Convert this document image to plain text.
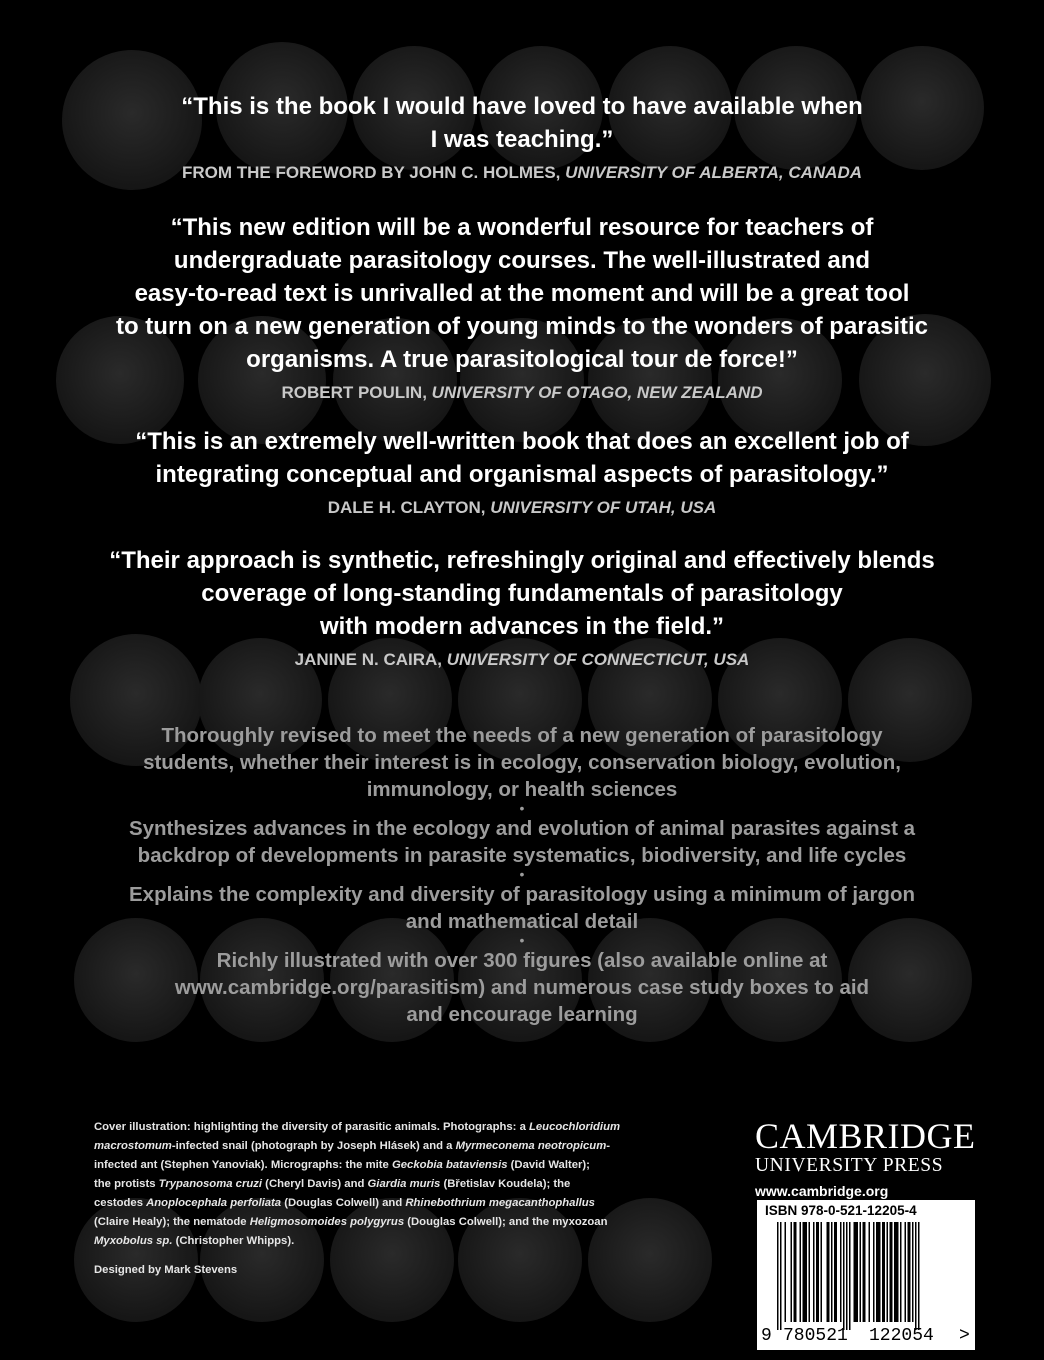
“This is the book I would have loved to have available when
I was teaching.”
FROM THE FOREWORD BY JOHN C. HOLMES, UNIVERSITY OF ALBERTA, CANADA
“This new edition will be a wonderful resource for teachers of
undergraduate parasitology courses. The well-illustrated and
easy-to-read text is unrivalled at the moment and will be a great tool
to turn on a new generation of young minds to the wonders of parasitic
organisms. A true parasitological tour de force!”
ROBERT POULIN, UNIVERSITY OF OTAGO, NEW ZEALAND
“This is an extremely well-written book that does an excellent job of
integrating conceptual and organismal aspects of parasitology.”
DALE H. CLAYTON, UNIVERSITY OF UTAH, USA
“Their approach is synthetic, refreshingly original and effectively blends
coverage of long-standing fundamentals of parasitology
with modern advances in the field.”
JANINE N. CAIRA, UNIVERSITY OF CONNECTICUT, USA
Thoroughly revised to meet the needs of a new generation of parasitology
students, whether their interest is in ecology, conservation biology, evolution,
immunology, or health sciences
•
Synthesizes advances in the ecology and evolution of animal parasites against a
backdrop of developments in parasite systematics, biodiversity, and life cycles
•
Explains the complexity and diversity of parasitology using a minimum of jargon
and mathematical detail
•
Richly illustrated with over 300 figures (also available online at
www.cambridge.org/parasitism) and numerous case study boxes to aid
and encourage learning
Cover illustration: highlighting the diversity of parasitic animals. Photographs: a Leucochloridium
macrostomum-infected snail (photograph by Joseph Hlásek) and a Myrmeconema neotropicum-
infected ant (Stephen Yanoviak). Micrographs: the mite Geckobia bataviensis (David Walter);
the protists Trypanosoma cruzi (Cheryl Davis) and Giardia muris (Břetislav Koudela); the
cestodes Anoplocephala perfoliata (Douglas Colwell) and Rhinebothrium megacanthophallus
(Claire Healy); the nematode Heligmosomoides polygyrus (Douglas Colwell); and the myxozoan
Myxobolus sp. (Christopher Whipps).
Designed by Mark Stevens
CAMBRIDGE
UNIVERSITY PRESS
www.cambridge.org
ISBN 978-0-521-12205-4
9 780521 122054 >
